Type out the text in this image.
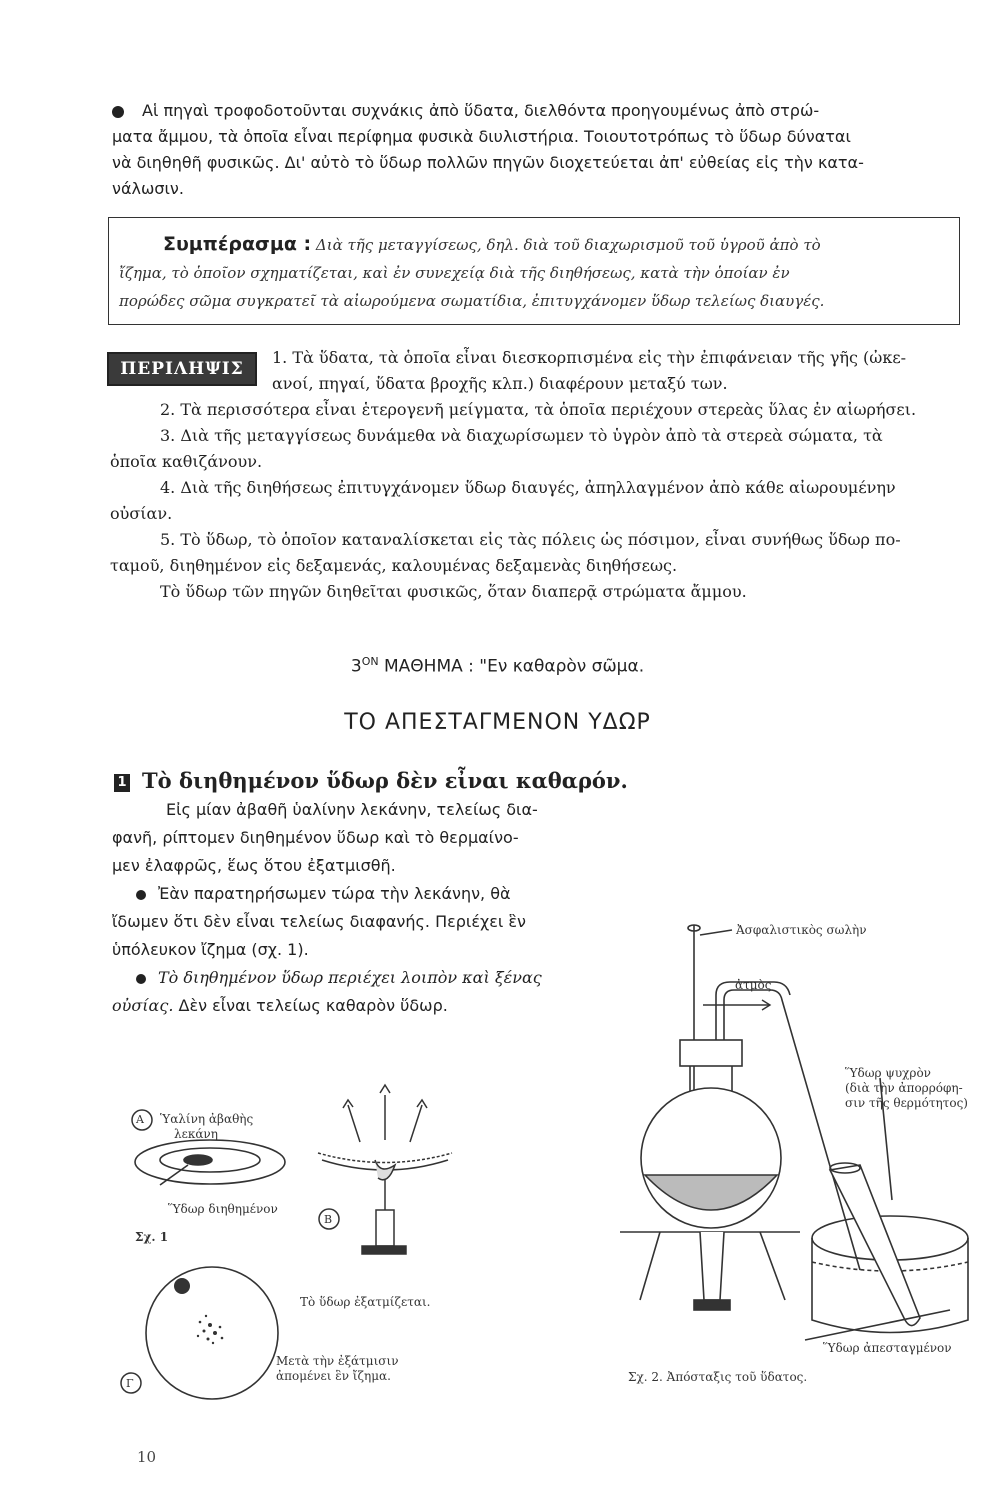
Αἱ πηγαὶ τροφοδοτοῦνται συχνάκις ἀπὸ ὕδατα, διελθόντα προηγουμένως ἀπὸ στρώ-
ματα ἄμμου, τὰ ὁποῖα εἶναι περίφημα φυσικὰ διυλιστήρια. Τοιουτοτρόπως τὸ ὕδωρ δύναται
νὰ διηθηθῆ φυσικῶς. Δι' αὐτὸ τὸ ὕδωρ πολλῶν πηγῶν διοχετεύεται ἀπ' εὐθείας εἰς τὴν κατα-
νάλωσιν.
Συμπέρασμα : Διὰ τῆς μεταγγίσεως, δηλ. διὰ τοῦ διαχωρισμοῦ τοῦ ὑγροῦ ἀπὸ τὸ
ἴζημα, τὸ ὁποῖον σχηματίζεται, καὶ ἐν συνεχείᾳ διὰ τῆς διηθήσεως, κατὰ τὴν ὁποίαν ἐν
πορώδες σῶμα συγκρατεῖ τὰ αἰωρούμενα σωματίδια, ἐπιτυγχάνομεν ὕδωρ τελείως διαυγές.
ΠΕΡΙΛΗΨΙΣ
1. Τὰ ὕδατα, τὰ ὁποῖα εἶναι διεσκορπισμένα εἰς τὴν ἐπιφάνειαν τῆς γῆς (ὠκε-
ανοί, πηγαί, ὕδατα βροχῆς κλπ.) διαφέρουν μεταξύ των.
2. Τὰ περισσότερα εἶναι ἑτερογενῆ μείγματα, τὰ ὁποῖα περιέχουν στερεὰς ὕλας ἐν αἰωρήσει.
3. Διὰ τῆς μεταγγίσεως δυνάμεθα νὰ διαχωρίσωμεν τὸ ὑγρὸν ἀπὸ τὰ στερεὰ σώματα, τὰ
ὁποῖα καθιζάνουν.
4. Διὰ τῆς διηθήσεως ἐπιτυγχάνομεν ὕδωρ διαυγές, ἀπηλλαγμένον ἀπὸ κάθε αἰωρουμένην
οὐσίαν.
5. Τὸ ὕδωρ, τὸ ὁποῖον καταναλίσκεται εἰς τὰς πόλεις ὡς πόσιμον, εἶναι συνήθως ὕδωρ πο-
ταμοῦ, διηθημένον εἰς δεξαμενάς, καλουμένας δεξαμενὰς διηθήσεως.
Τὸ ὕδωρ τῶν πηγῶν διηθεῖται φυσικῶς, ὅταν διαπερᾷ στρώματα ἄμμου.
$3^{ON}$ ΜΑΘΗΜΑ : "Εν καθαρὸν σῶμα.
ΤΟ ΑΠΕΣΤΑΓΜΕΝΟΝ ΥΔΩΡ
1 Τὸ διηθημένον ὕδωρ δὲν εἶναι καθαρόν.
Εἰς μίαν ἀβαθῆ ὑαλίνην λεκάνην, τελείως δια-
φανῆ, ρίπτομεν διηθημένον ὕδωρ καὶ τὸ θερμαίνο-
μεν ἐλαφρῶς, ἕως ὅτου ἐξατμισθῆ.
Ἐὰν παρατηρήσωμεν τώρα τὴν λεκάνην, θὰ
ἴδωμεν ὅτι δὲν εἶναι τελείως διαφανής. Περιέχει ἓν
ὑπόλευκον ἴζημα (σχ. 1).
Τὸ διηθημένον ὕδωρ περιέχει λοιπὸν καὶ ξένας
οὐσίας. Δὲν εἶναι τελείως καθαρὸν ὕδωρ.
Ὑαλίνη ἀβαθὴς
λεκάνη
A
Ὕδωρ διηθημένον
Σχ. 1
B
Τὸ ὕδωρ ἐξατμίζεται.
Γ
Μετὰ τὴν ἐξάτμισιν
ἀπομένει ἓν ἴζημα.
Ἀσφαλιστικὸς σωλὴν
ἀτμὸς
Ὕδωρ ψυχρὸν
(διὰ τὴν ἀπορρόφη-
σιν τῆς θερμότητος)
Ὕδωρ ἀπεσταγμένον
Σχ. 2. Ἀπόσταξις τοῦ ὕδατος.
10
